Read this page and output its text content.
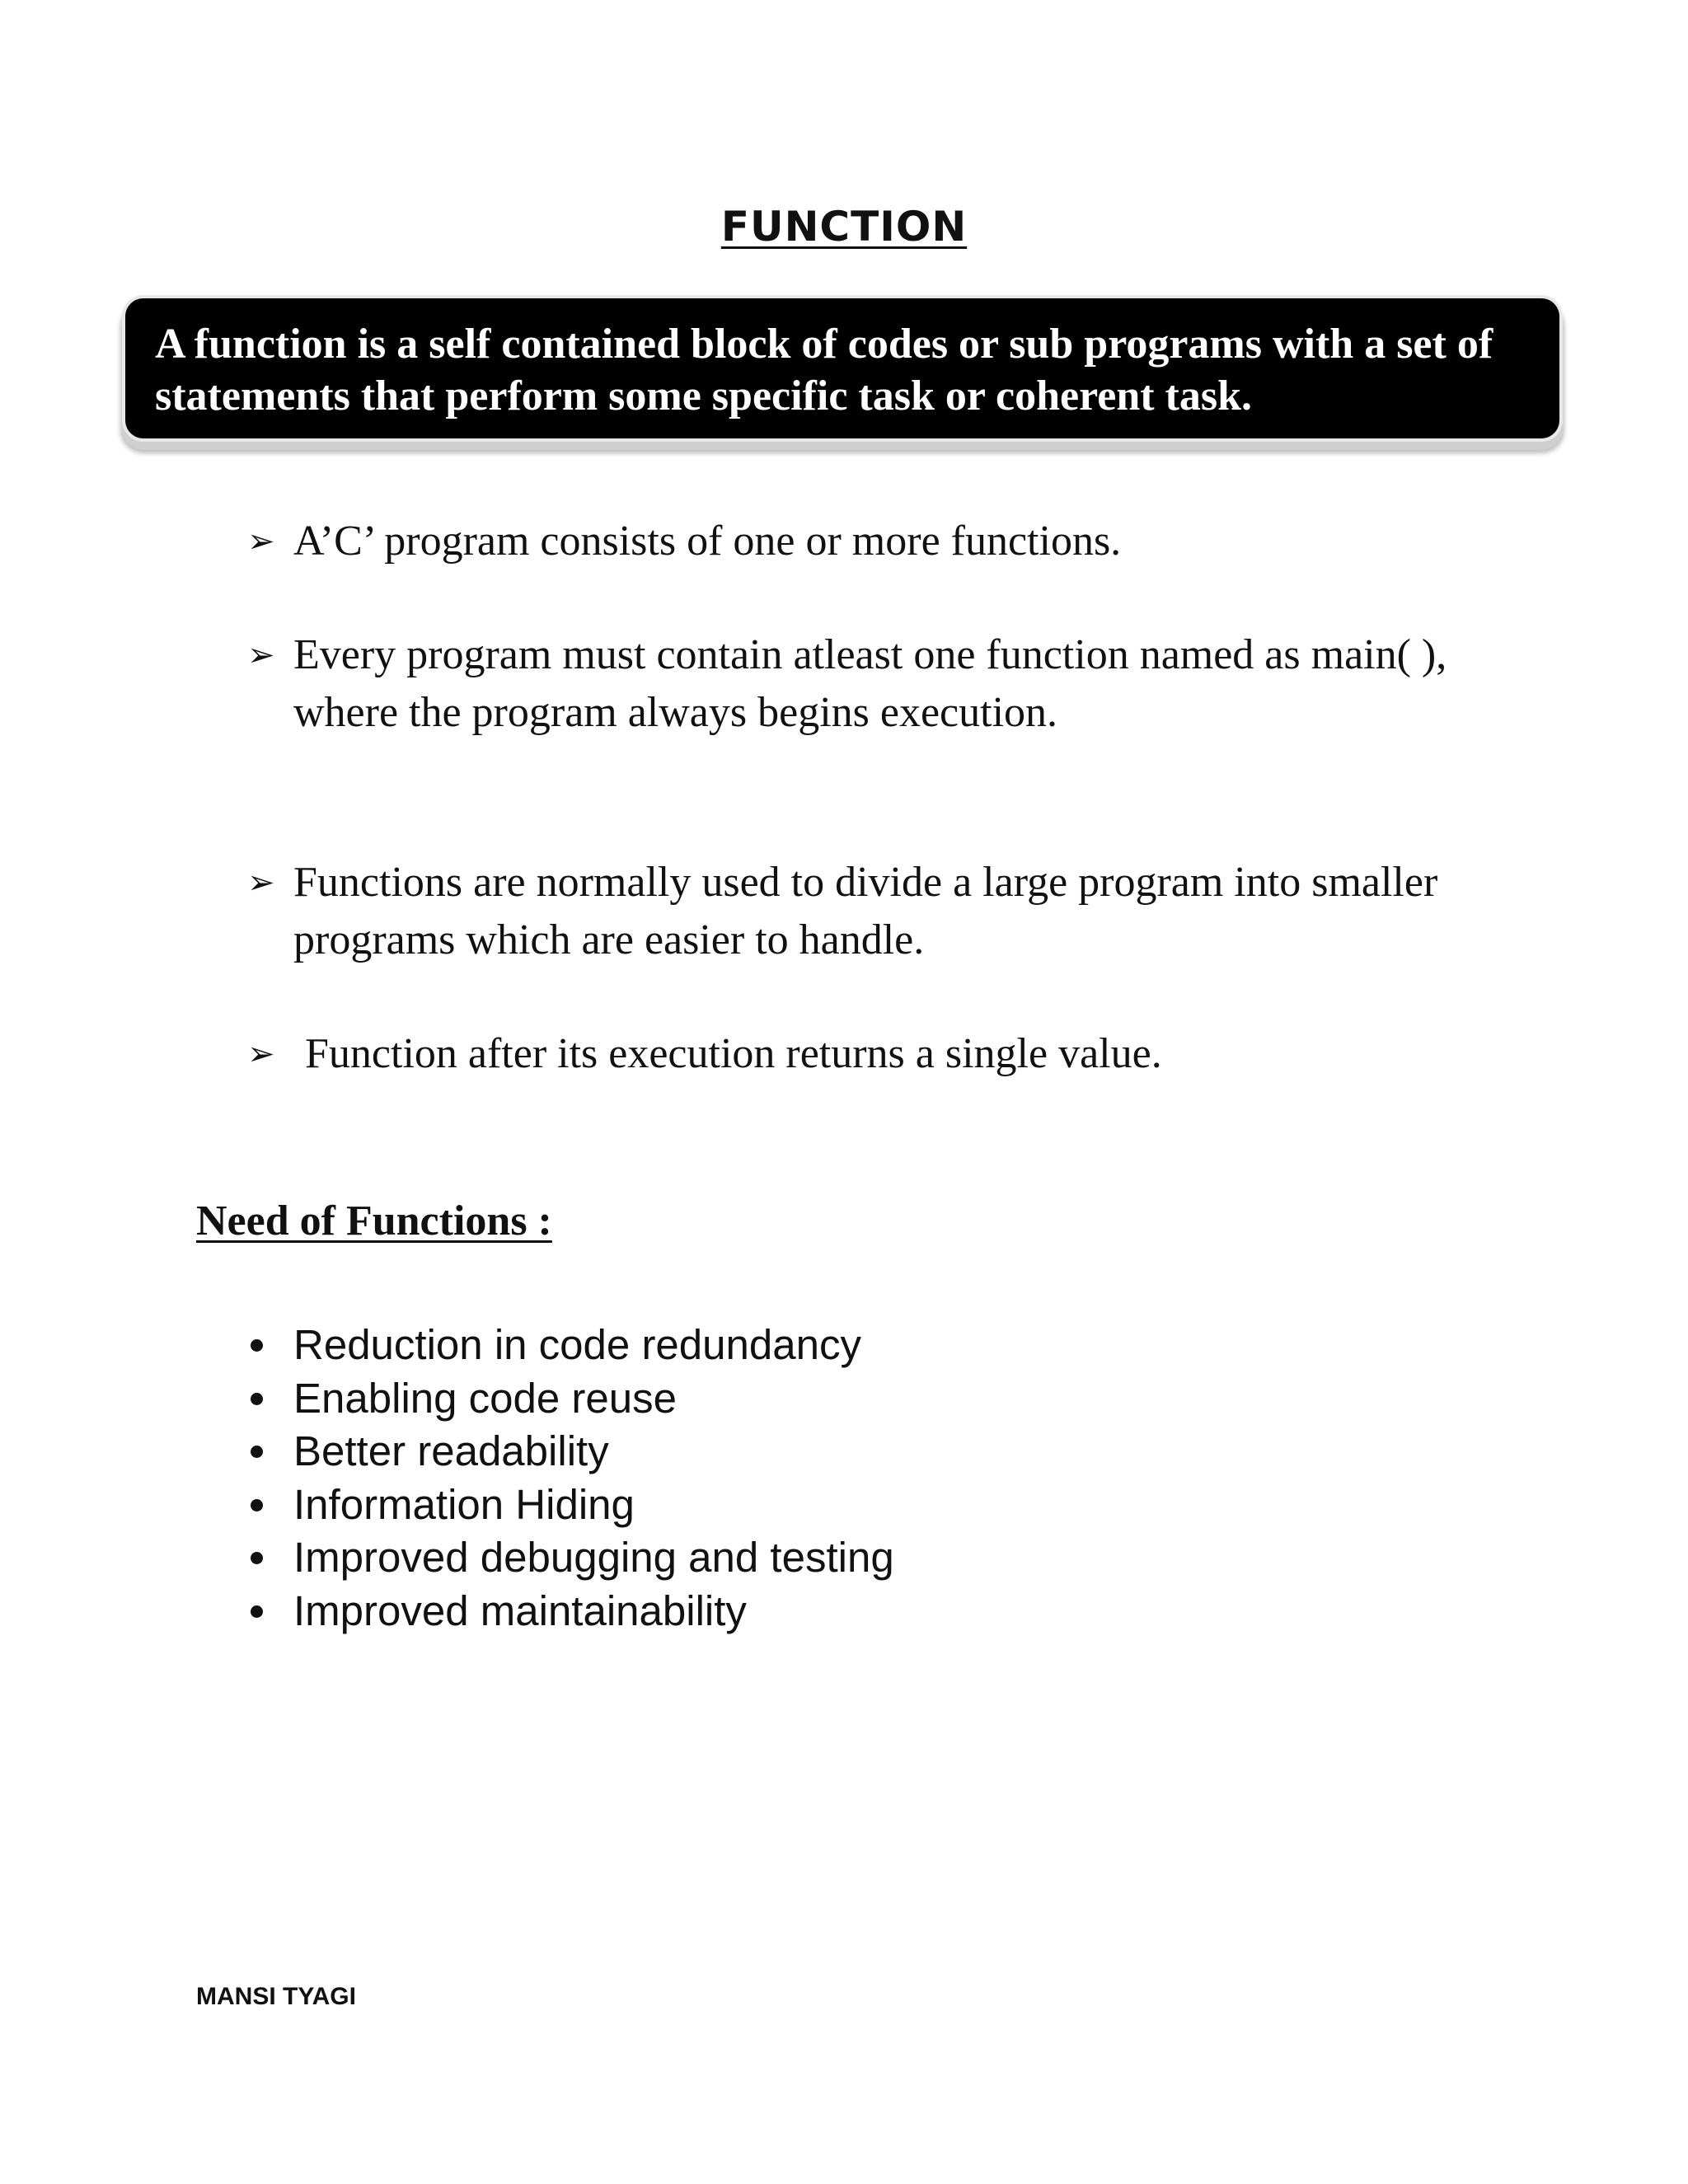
FUNCTION
A function is a self contained block of codes or sub programs with a set of
statements that perform some specific task or coherent task.
➢ A’C’ program consists of one or more functions.
➢ Every program must contain atleast one function named as main( ),
where the program always begins execution.
➢ Functions are normally used to divide a large program into smaller
programs which are easier to handle.
➢ Function after its execution returns a single value.
Need of Functions :
Reduction in code redundancy
Enabling code reuse
Better readability
Information Hiding
Improved debugging and testing
Improved maintainability
MANSI TYAGI
